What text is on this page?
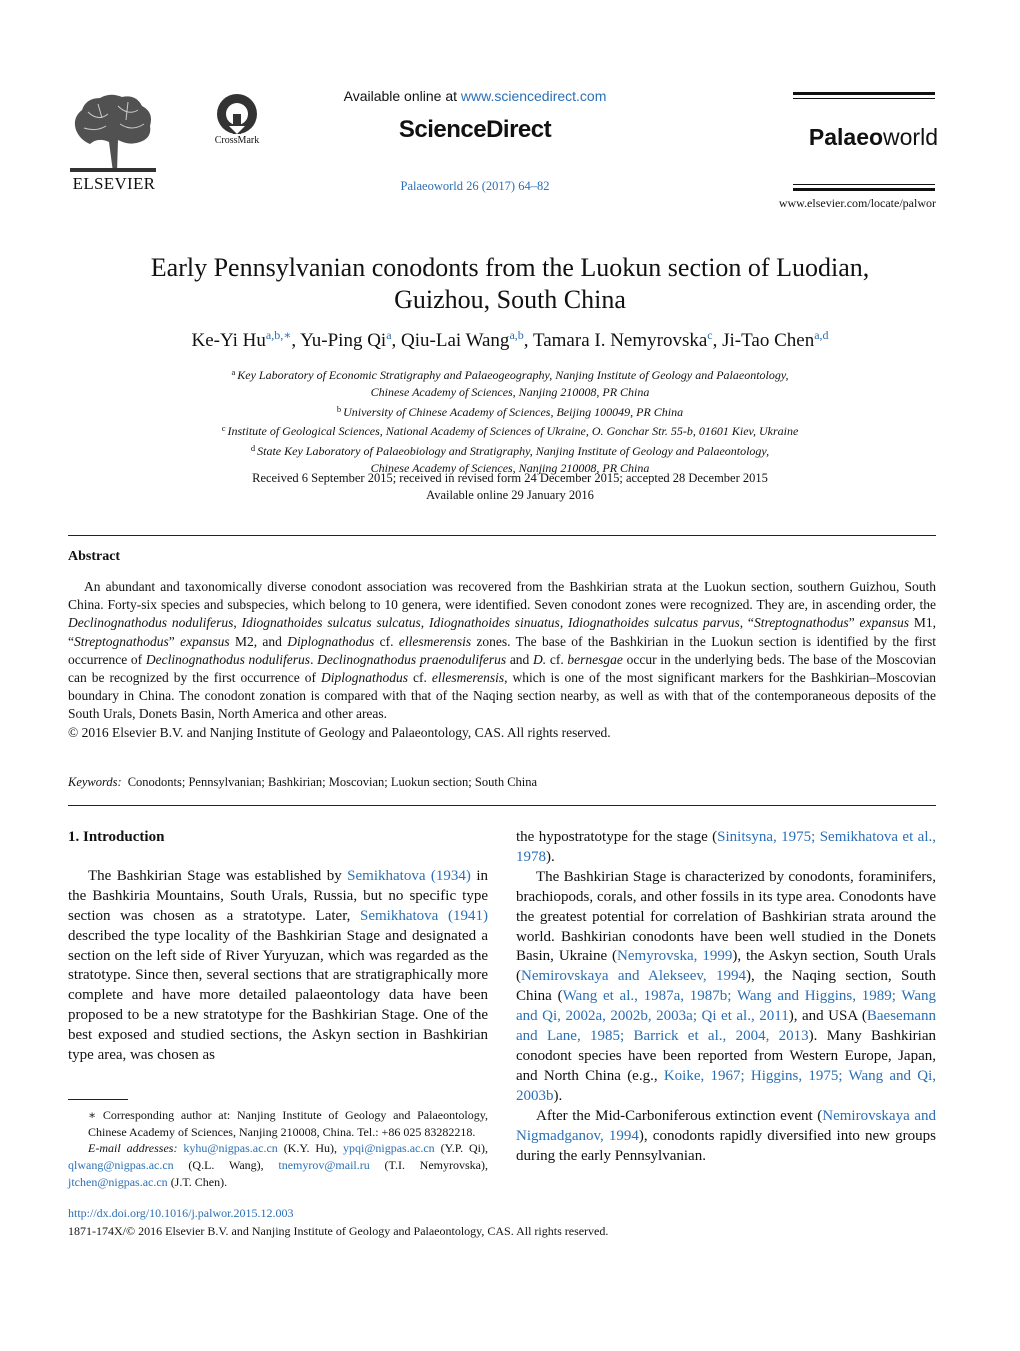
ELSEVIER
CrossMark
Available online at www.sciencedirect.com
ScienceDirect
Palaeoworld 26 (2017) 64–82
Palaeoworld
www.elsevier.com/locate/palwor
Early Pennsylvanian conodonts from the Luokun section of Luodian,
Guizhou, South China
Ke-Yi $Hu^{a,b,∗}$, Yu-Ping Qi$^a$, Qiu-Lai Wang$^{a,b}$, Tamara I. Nemyrovska$^c$, Ji-Tao Chen$^{a,d}$
$^a$ Key Laboratory of Economic Stratigraphy and Palaeogeography, Nanjing Institute of Geology and Palaeontology,
Chinese Academy of Sciences, Nanjing 210008, PR China
$^b$ University of Chinese Academy of Sciences, Beijing 100049, PR China
$^c$ Institute of Geological Sciences, National Academy of Sciences of Ukraine, O. Gonchar Str. 55-b, 01601 Kiev, Ukraine
$^d$ State Key Laboratory of Palaeobiology and Stratigraphy, Nanjing Institute of Geology and Palaeontology,
Chinese Academy of Sciences, Nanjing 210008, PR China
Received 6 September 2015; received in revised form 24 December 2015; accepted 28 December 2015
Available online 29 January 2016
Abstract

An abundant and taxonomically diverse conodont association was recovered from the Bashkirian strata at the Luokun section, southern Guizhou, South China. Forty-six species and subspecies, which belong to 10 genera, were identified. Seven conodont zones were recognized. They are, in ascending order, the Declinognathodus noduliferus, Idiognathoides sulcatus sulcatus, Idiognathoides sinuatus, Idiognathoides sulcatus parvus, “Streptognathodus” expansus M1, “Streptognathodus” expansus M2, and Diplognathodus cf. ellesmerensis zones. The base of the Bashkirian in the Luokun section is identified by the first occurrence of Declinognathodus noduliferus. Declinognathodus praenoduliferus and D. cf. bernesgae occur in the underlying beds. The base of the Moscovian can be recognized by the first occurrence of Diplognathodus cf. ellesmerensis, which is one of the most significant markers for the Bashkirian–Moscovian boundary in China. The conodont zonation is compared with that of the Naqing section nearby, as well as with that of the contemporaneous deposits of the South Urals, Donets Basin, North America and other areas.

© 2016 Elsevier B.V. and Nanjing Institute of Geology and Palaeontology, CAS. All rights reserved.

Keywords: Conodonts; Pennsylvanian; Bashkirian; Moscovian; Luokun section; South China
1. Introduction

The Bashkirian Stage was established by Semikhatova (1934) in the Bashkiria Mountains, South Urals, Russia, but no specific type section was chosen as a stratotype. Later, Semikhatova (1941) described the type locality of the Bashkirian Stage and designated a section on the left side of River Yuryuzan, which was regarded as the stratotype. Since then, several sections that are stratigraphically more complete and have more detailed palaeontology data have been proposed to be a new stratotype for the Bashkirian Stage. One of the best exposed and studied sections, the Askyn section in Bashkirian type area, was chosen as

∗ Corresponding author at: Nanjing Institute of Geology and Palaeontology, Chinese Academy of Sciences, Nanjing 210008, China. Tel.: +86 025 83282218.

E-mail addresses: kyhu@nigpas.ac.cn (K.Y. Hu), ypqi@nigpas.ac.cn (Y.P. Qi), qlwang@nigpas.ac.cn (Q.L. Wang), tnemyrov@mail.ru (T.I. Nemyrovska), jtchen@nigpas.ac.cn (J.T. Chen).

http://dx.doi.org/10.1016/j.palwor.2015.12.003
1871-174X/© 2016 Elsevier B.V. and Nanjing Institute of Geology and Palaeontology, CAS. All rights reserved.

the hypostratotype for the stage (Sinitsyna, 1975; Semikhatova et al., 1978).

The Bashkirian Stage is characterized by conodonts, foraminifers, brachiopods, corals, and other fossils in its type area. Conodonts have the greatest potential for correlation of Bashkirian strata around the world. Bashkirian conodonts have been well studied in the Donets Basin, Ukraine (Nemyrovska, 1999), the Askyn section, South Urals (Nemirovskaya and Alekseev, 1994), the Naqing section, South China (Wang et al., 1987a, 1987b; Wang and Higgins, 1989; Wang and Qi, 2002a, 2002b, 2003a; Qi et al., 2011), and USA (Baesemann and Lane, 1985; Barrick et al., 2004, 2013). Many Bashkirian conodont species have been reported from Western Europe, Japan, and North China (e.g., Koike, 1967; Higgins, 1975; Wang and Qi, 2003b).

After the Mid-Carboniferous extinction event (Nemirovskaya and Nigmadganov, 1994), conodonts rapidly diversified into new groups during the early Pennsylvanian.
